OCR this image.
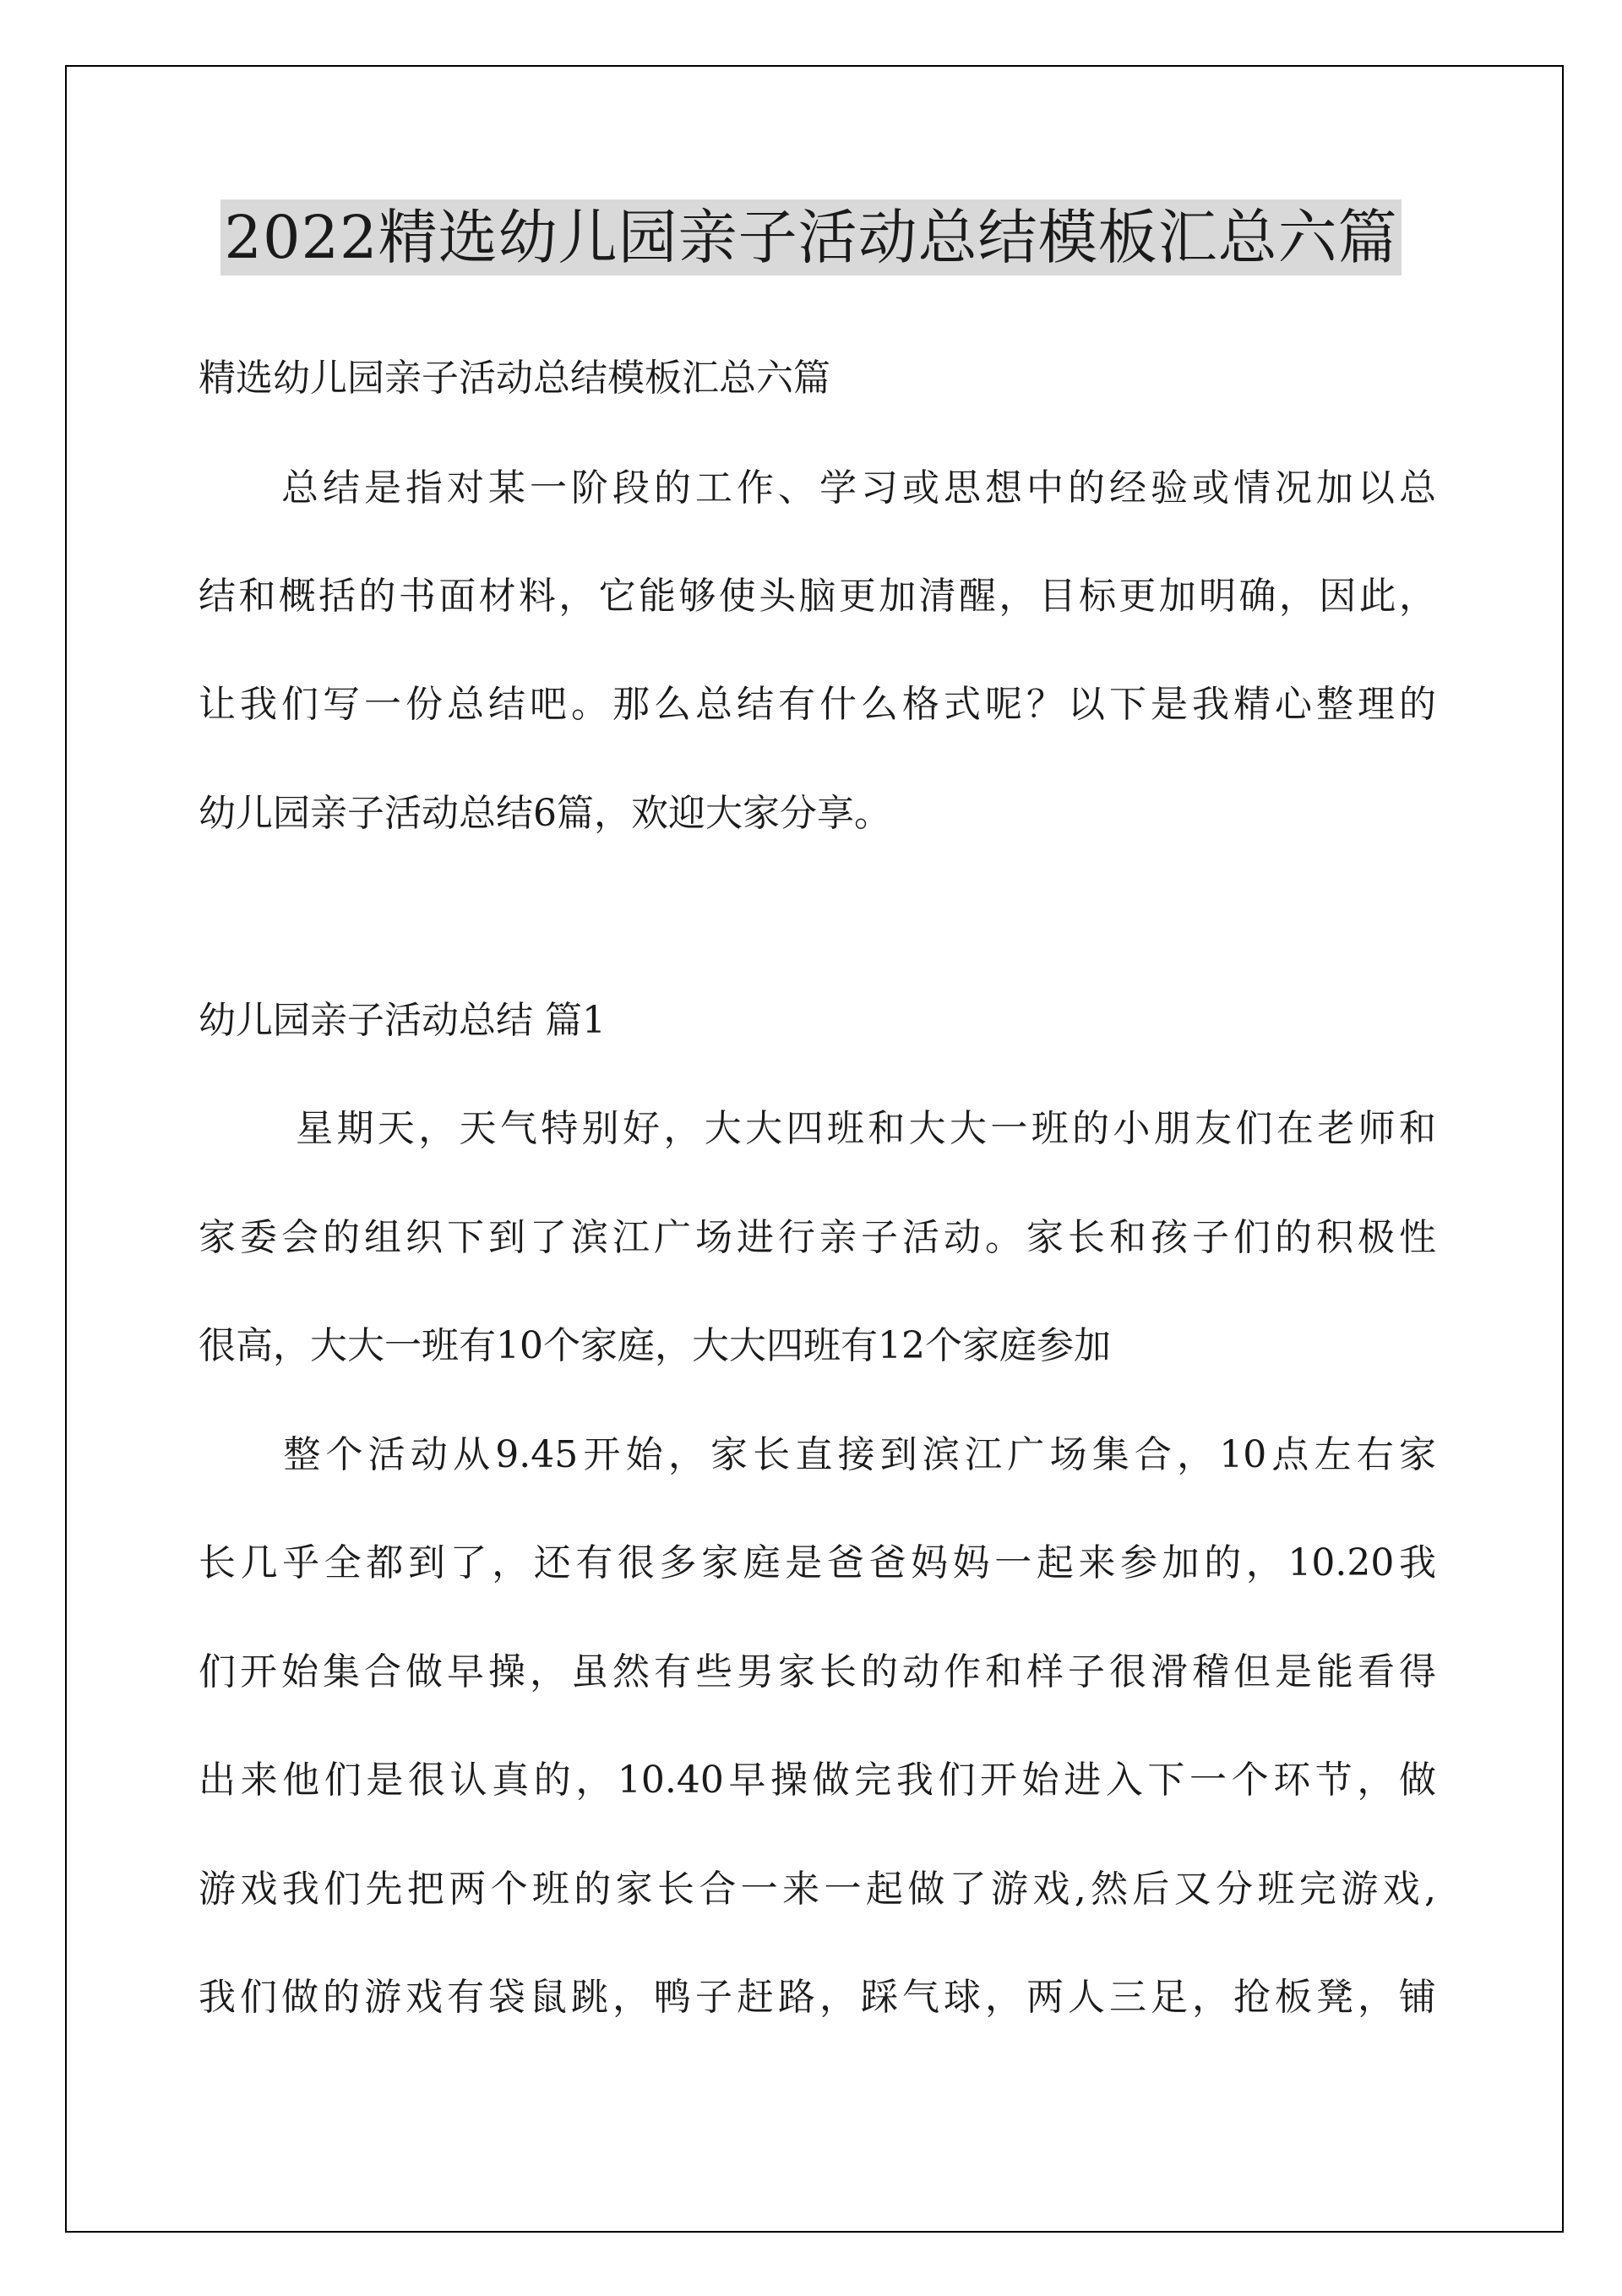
2022精选幼儿园亲子活动总结模板汇总六篇
精选幼儿园亲子活动总结模板汇总六篇
　　总结是指对某一阶段的工作、学习或思想中的经验或情况加以总
结和概括的书面材料，它能够使头脑更加清醒，目标更加明确，因此，
让我们写一份总结吧。那么总结有什么格式呢？以下是我精心整理的
幼儿园亲子活动总结6篇，欢迎大家分享。
幼儿园亲子活动总结 篇1
　　 星期天，天气特别好，大大四班和大大一班的小朋友们在老师和
家委会的组织下到了滨江广场进行亲子活动。家长和孩子们的积极性
很高，大大一班有10个家庭，大大四班有12个家庭参加
　　整个活动从9.45开始，家长直接到滨江广场集合，10点左右家
长几乎全都到了，还有很多家庭是爸爸妈妈一起来参加的，10.20我
们开始集合做早操，虽然有些男家长的动作和样子很滑稽但是能看得
出来他们是很认真的，10.40早操做完我们开始进入下一个环节，做
游戏我们先把两个班的家长合一来一起做了游戏,然后又分班完游戏,
我们做的游戏有袋鼠跳，鸭子赶路，踩气球，两人三足，抢板凳，铺
